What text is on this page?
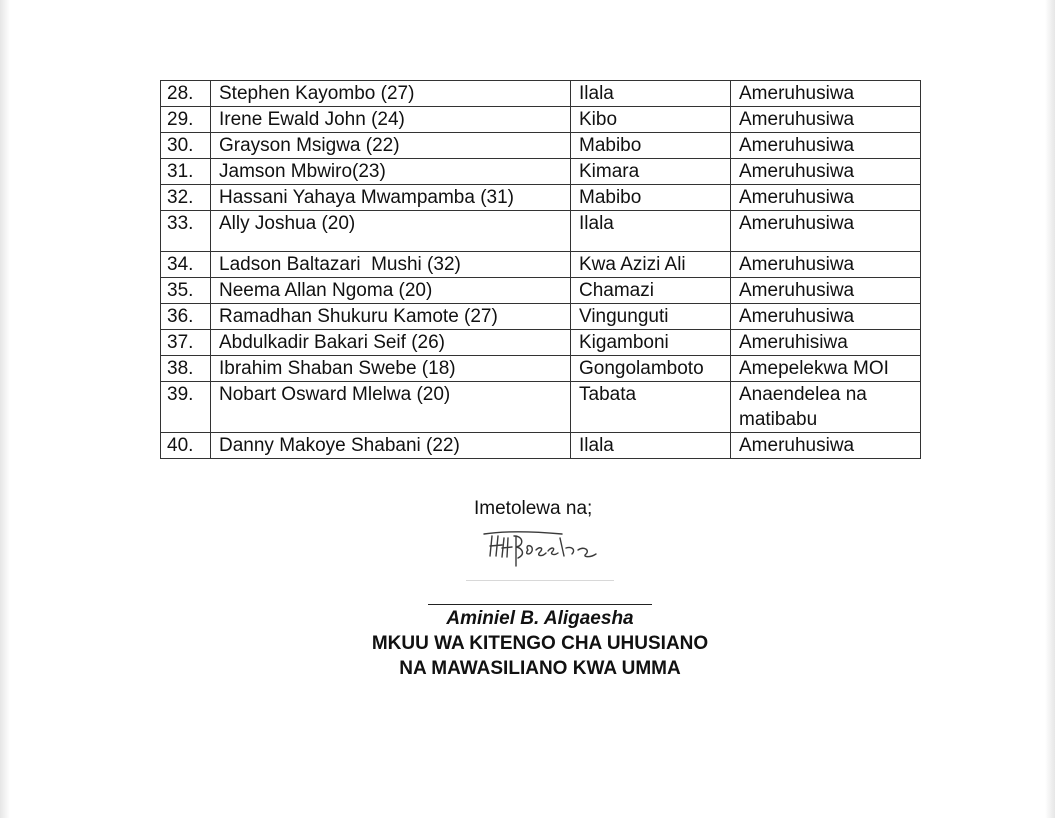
28.	Stephen Kayombo (27)	Ilala	Ameruhusiwa
29.	Irene Ewald John (24)	Kibo	Ameruhusiwa
30.	Grayson Msigwa (22)	Mabibo	Ameruhusiwa
31.	Jamson Mbwiro(23)	Kimara	Ameruhusiwa
32.	Hassani Yahaya Mwampamba (31)	Mabibo	Ameruhusiwa
33.	Ally Joshua (20)	Ilala	Ameruhusiwa
34.	Ladson Baltazari  Mushi (32)	Kwa Azizi Ali	Ameruhusiwa
35.	Neema Allan Ngoma (20)	Chamazi	Ameruhusiwa
36.	Ramadhan Shukuru Kamote (27)	Vingunguti	Ameruhusiwa
37.	Abdulkadir Bakari Seif (26)	Kigamboni	Ameruhisiwa
38.	Ibrahim Shaban Swebe (18)	Gongolamboto	Amepelekwa MOI
39.	Nobart Osward Mlelwa (20)	Tabata	Anaendelea na matibabu
40.	Danny Makoye Shabani (22)	Ilala	Ameruhusiwa
Imetolewa na;
Aminiel B. Aligaesha
MKUU WA KITENGO CHA UHUSIANO
NA MAWASILIANO KWA UMMA
